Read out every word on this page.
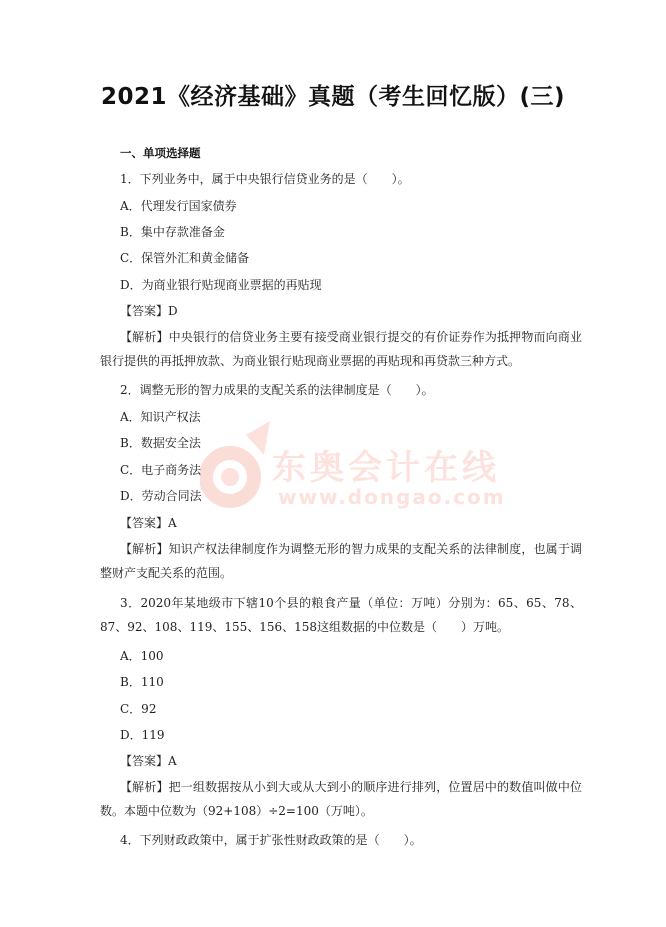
2021《经济基础》真题（考生回忆版）(三)
一、单项选择题
1．下列业务中，属于中央银行信贷业务的是（　　）。
A．代理发行国家债券
B．集中存款准备金
C．保管外汇和黄金储备
D．为商业银行贴现商业票据的再贴现
【答案】D
【解析】中央银行的信贷业务主要有接受商业银行提交的有价证券作为抵押物而向商业银行提供的再抵押放款、为商业银行贴现商业票据的再贴现和再贷款三种方式。
2．调整无形的智力成果的支配关系的法律制度是（　　）。
A．知识产权法
B．数据安全法
C．电子商务法
D．劳动合同法
【答案】A
【解析】知识产权法律制度作为调整无形的智力成果的支配关系的法律制度，也属于调整财产支配关系的范围。
3．2020年某地级市下辖10个县的粮食产量（单位：万吨）分别为：65、65、78、87、92、108、119、155、156、158这组数据的中位数是（　　）万吨。
A．100
B．110
C．92
D．119
【答案】A
【解析】把一组数据按从小到大或从大到小的顺序进行排列，位置居中的数值叫做中位数。本题中位数为（92+108）÷2=100（万吨）。
4．下列财政政策中，属于扩张性财政政策的是（　　）。
东奥会计在线
www.dongao.com
